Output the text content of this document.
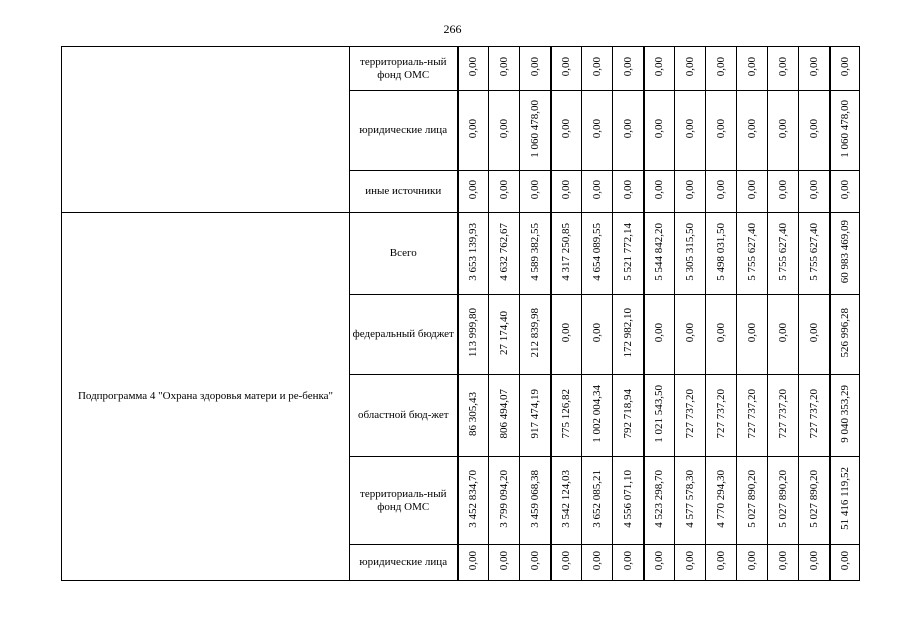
266
	территориаль-ный фонд ОМС	0,00	0,00	0,00	0,00	0,00	0,00	0,00	0,00	0,00	0,00	0,00	0,00	0,00
	юридические лица	0,00	0,00	1 060 478,00	0,00	0,00	0,00	0,00	0,00	0,00	0,00	0,00	0,00	1 060 478,00
	иные источники	0,00	0,00	0,00	0,00	0,00	0,00	0,00	0,00	0,00	0,00	0,00	0,00	0,00
Подпрограмма 4 "Охрана здоровья матери и ре-бенка"	Всего	3 653 139,93	4 632 762,67	4 589 382,55	4 317 250,85	4 654 089,55	5 521 772,14	5 544 842,20	5 305 315,50	5 498 031,50	5 755 627,40	5 755 627,40	5 755 627,40	60 983 469,09
	федеральный бюджет	113 999,80	27 174,40	212 839,98	0,00	0,00	172 982,10	0,00	0,00	0,00	0,00	0,00	0,00	526 996,28
	областной бюд-жет	86 305,43	806 494,07	917 474,19	775 126,82	1 002 004,34	792 718,94	1 021 543,50	727 737,20	727 737,20	727 737,20	727 737,20	727 737,20	9 040 353,29
	территориаль-ный фонд ОМС	3 452 834,70	3 799 094,20	3 459 068,38	3 542 124,03	3 652 085,21	4 556 071,10	4 523 298,70	4 577 578,30	4 770 294,30	5 027 890,20	5 027 890,20	5 027 890,20	51 416 119,52
	юридические лица	0,00	0,00	0,00	0,00	0,00	0,00	0,00	0,00	0,00	0,00	0,00	0,00	0,00
